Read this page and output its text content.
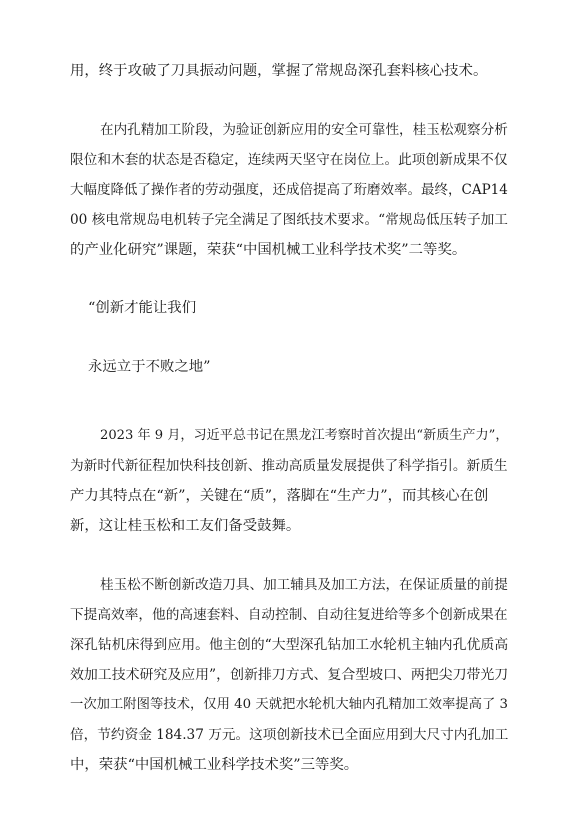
用，终于攻破了刀具振动问题，掌握了常规岛深孔套料核心技术。
在内孔精加工阶段，为验证创新应用的安全可靠性，桂玉松观察分析
限位和木套的状态是否稳定，连续两天坚守在岗位上。此项创新成果不仅
大幅度降低了操作者的劳动强度，还成倍提高了珩磨效率。最终，CAP14
00 核电常规岛电机转子完全满足了图纸技术要求。“常规岛低压转子加工
的产业化研究”课题，荣获“中国机械工业科学技术奖”二等奖。
“创新才能让我们
永远立于不败之地”
2023 年 9 月，习近平总书记在黑龙江考察时首次提出“新质生产力”，
为新时代新征程加快科技创新、推动高质量发展提供了科学指引。新质生
产力其特点在“新”，关键在“质”，落脚在“生产力”，而其核心在创
新，这让桂玉松和工友们备受鼓舞。
桂玉松不断创新改造刀具、加工辅具及加工方法，在保证质量的前提
下提高效率，他的高速套料、自动控制、自动往复进给等多个创新成果在
深孔钻机床得到应用。他主创的“大型深孔钻加工水轮机主轴内孔优质高
效加工技术研究及应用”，创新排刀方式、复合型坡口、两把尖刀带光刀
一次加工附图等技术，仅用 40 天就把水轮机大轴内孔精加工效率提高了 3
倍，节约资金 184.37 万元。这项创新技术已全面应用到大尺寸内孔加工
中，荣获“中国机械工业科学技术奖”三等奖。
